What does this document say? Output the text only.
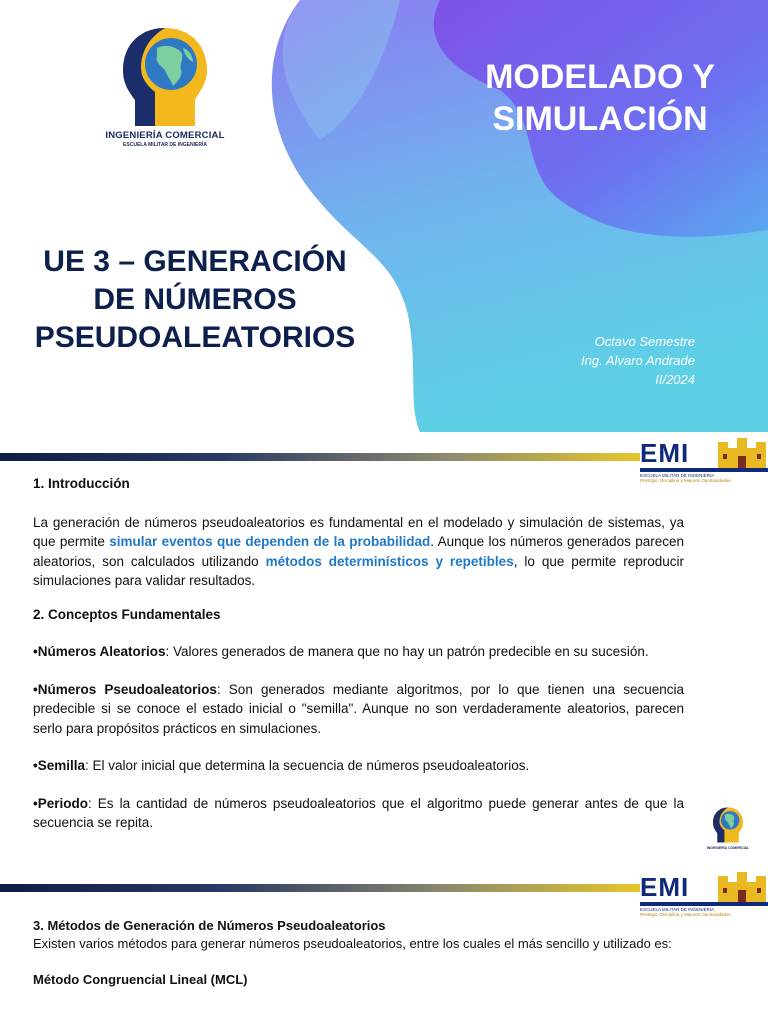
INGENIERÍA COMERCIAL
ESCUELA MILITAR DE INGENIERÍA
MODELADO Y
SIMULACIÓN
UE 3 – GENERACIÓN
DE NÚMEROS
PSEUDOALEATORIOS	Octavo Semestre
Ing. Alvaro Andrade
II/2024
EMI
ESCUELA MILITAR DE INGENIERIA
Prestigio, Disciplina y Mejores Oportunidades

1. Introducción

La generación de números pseudoaleatorios es fundamental en el modelado y simulación de sistemas, ya que permite simular eventos que dependen de la probabilidad. Aunque los números generados parecen aleatorios, son calculados utilizando métodos determinísticos y repetibles, lo que permite reproducir simulaciones para validar resultados.

2. Conceptos Fundamentales

•Números Aleatorios: Valores generados de manera que no hay un patrón predecible en su sucesión.

•Números Pseudoaleatorios: Son generados mediante algoritmos, por lo que tienen una secuencia predecible si se conoce el estado inicial o "semilla". Aunque no son verdaderamente aleatorios, parecen serlo para propósitos prácticos en simulaciones.

•Semilla: El valor inicial que determina la secuencia de números pseudoaleatorios.

•Periodo: Es la cantidad de números pseudoaleatorios que el algoritmo puede generar antes de que la secuencia se repita.

INGENIERÍA COMERCIAL
EMI
ESCUELA MILITAR DE INGENIERIA
Prestigio, Disciplina y Mejores Oportunidades

3. Métodos de Generación de Números Pseudoaleatorios

Existen varios métodos para generar números pseudoaleatorios, entre los cuales el más sencillo y utilizado es:

Método Congruencial Lineal (MCL)
